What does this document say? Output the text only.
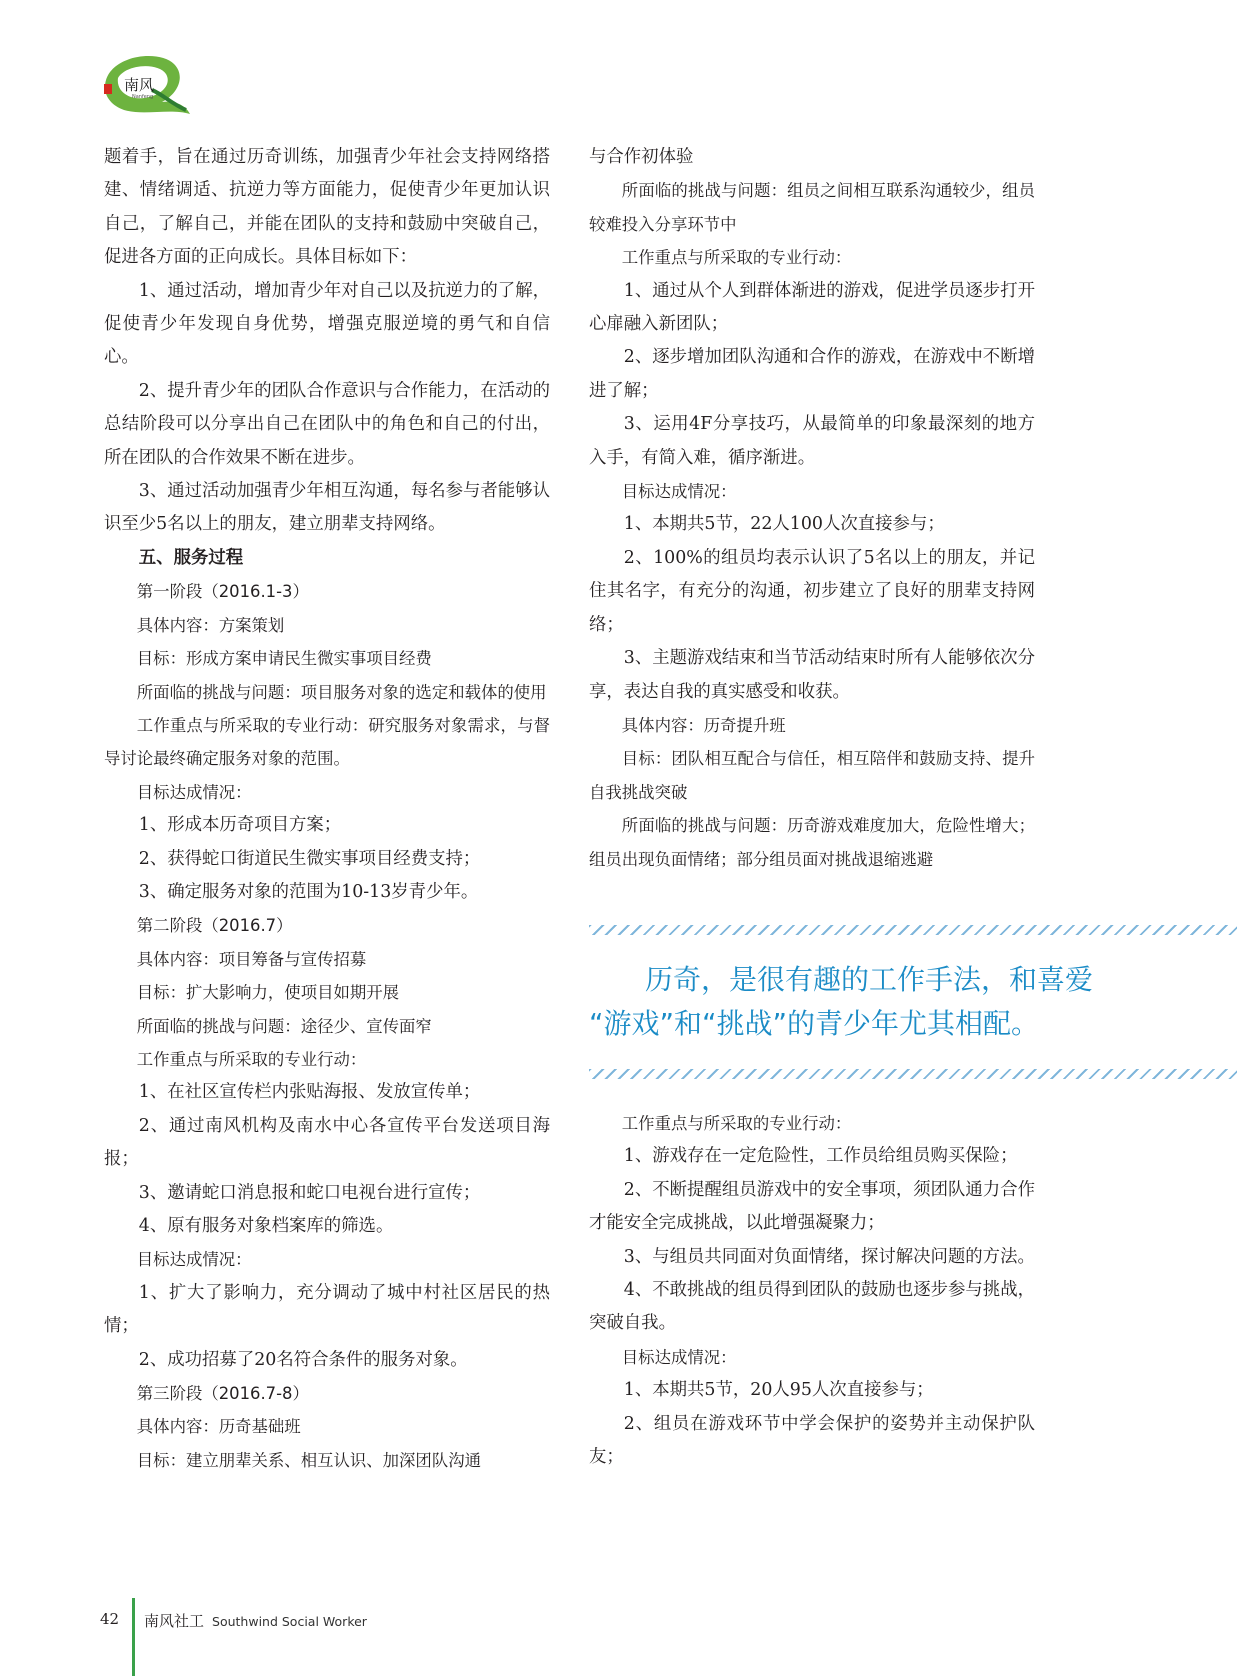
南风
Nanfeng

题着手，旨在通过历奇训练，加强青少年社会支持网络搭建、情绪调适、抗逆力等方面能力，促使青少年更加认识自己，了解自己，并能在团队的支持和鼓励中突破自己，促进各方面的正向成长。具体目标如下：

1、通过活动，增加青少年对自己以及抗逆力的了解，促使青少年发现自身优势，增强克服逆境的勇气和自信心。

2、提升青少年的团队合作意识与合作能力，在活动的总结阶段可以分享出自己在团队中的角色和自己的付出，所在团队的合作效果不断在进步。

3、通过活动加强青少年相互沟通，每名参与者能够认识至少5名以上的朋友，建立朋辈支持网络。

五、服务过程

第一阶段（2016.1-3）

具体内容：方案策划

目标：形成方案申请民生微实事项目经费

所面临的挑战与问题：项目服务对象的选定和载体的使用

工作重点与所采取的专业行动：研究服务对象需求，与督导讨论最终确定服务对象的范围。

目标达成情况：

1、形成本历奇项目方案；

2、获得蛇口街道民生微实事项目经费支持；

3、确定服务对象的范围为10-13岁青少年。

第二阶段（2016.7）

具体内容：项目筹备与宣传招募

目标：扩大影响力，使项目如期开展

所面临的挑战与问题：途径少、宣传面窄

工作重点与所采取的专业行动：

1、在社区宣传栏内张贴海报、发放宣传单；

2、通过南风机构及南水中心各宣传平台发送项目海报；

3、邀请蛇口消息报和蛇口电视台进行宣传；

4、原有服务对象档案库的筛选。

目标达成情况：

1、扩大了影响力，充分调动了城中村社区居民的热情；

2、成功招募了20名符合条件的服务对象。

第三阶段（2016.7-8）

具体内容：历奇基础班

目标：建立朋辈关系、相互认识、加深团队沟通

与合作初体验

所面临的挑战与问题：组员之间相互联系沟通较少，组员较难投入分享环节中

工作重点与所采取的专业行动：

1、通过从个人到群体渐进的游戏，促进学员逐步打开心扉融入新团队；

2、逐步增加团队沟通和合作的游戏，在游戏中不断增进了解；

3、运用4F分享技巧，从最简单的印象最深刻的地方入手，有简入难，循序渐进。

目标达成情况：

1、本期共5节，22人100人次直接参与；

2、100%的组员均表示认识了5名以上的朋友，并记住其名字，有充分的沟通，初步建立了良好的朋辈支持网络；

3、主题游戏结束和当节活动结束时所有人能够依次分享，表达自我的真实感受和收获。

具体内容：历奇提升班

目标：团队相互配合与信任，相互陪伴和鼓励支持、提升自我挑战突破

所面临的挑战与问题：历奇游戏难度加大，危险性增大；组员出现负面情绪；部分组员面对挑战退缩逃避

历奇，是很有趣的工作手法，和喜爱

“游戏”和“挑战”的青少年尤其相配。

工作重点与所采取的专业行动：

1、游戏存在一定危险性，工作员给组员购买保险；

2、不断提醒组员游戏中的安全事项，须团队通力合作才能安全完成挑战，以此增强凝聚力；

3、与组员共同面对负面情绪，探讨解决问题的方法。

4、不敢挑战的组员得到团队的鼓励也逐步参与挑战，突破自我。

目标达成情况：

1、本期共5节，20人95人次直接参与；

2、组员在游戏环节中学会保护的姿势并主动保护队友；

42 南风社工 Southwind Social Worker
